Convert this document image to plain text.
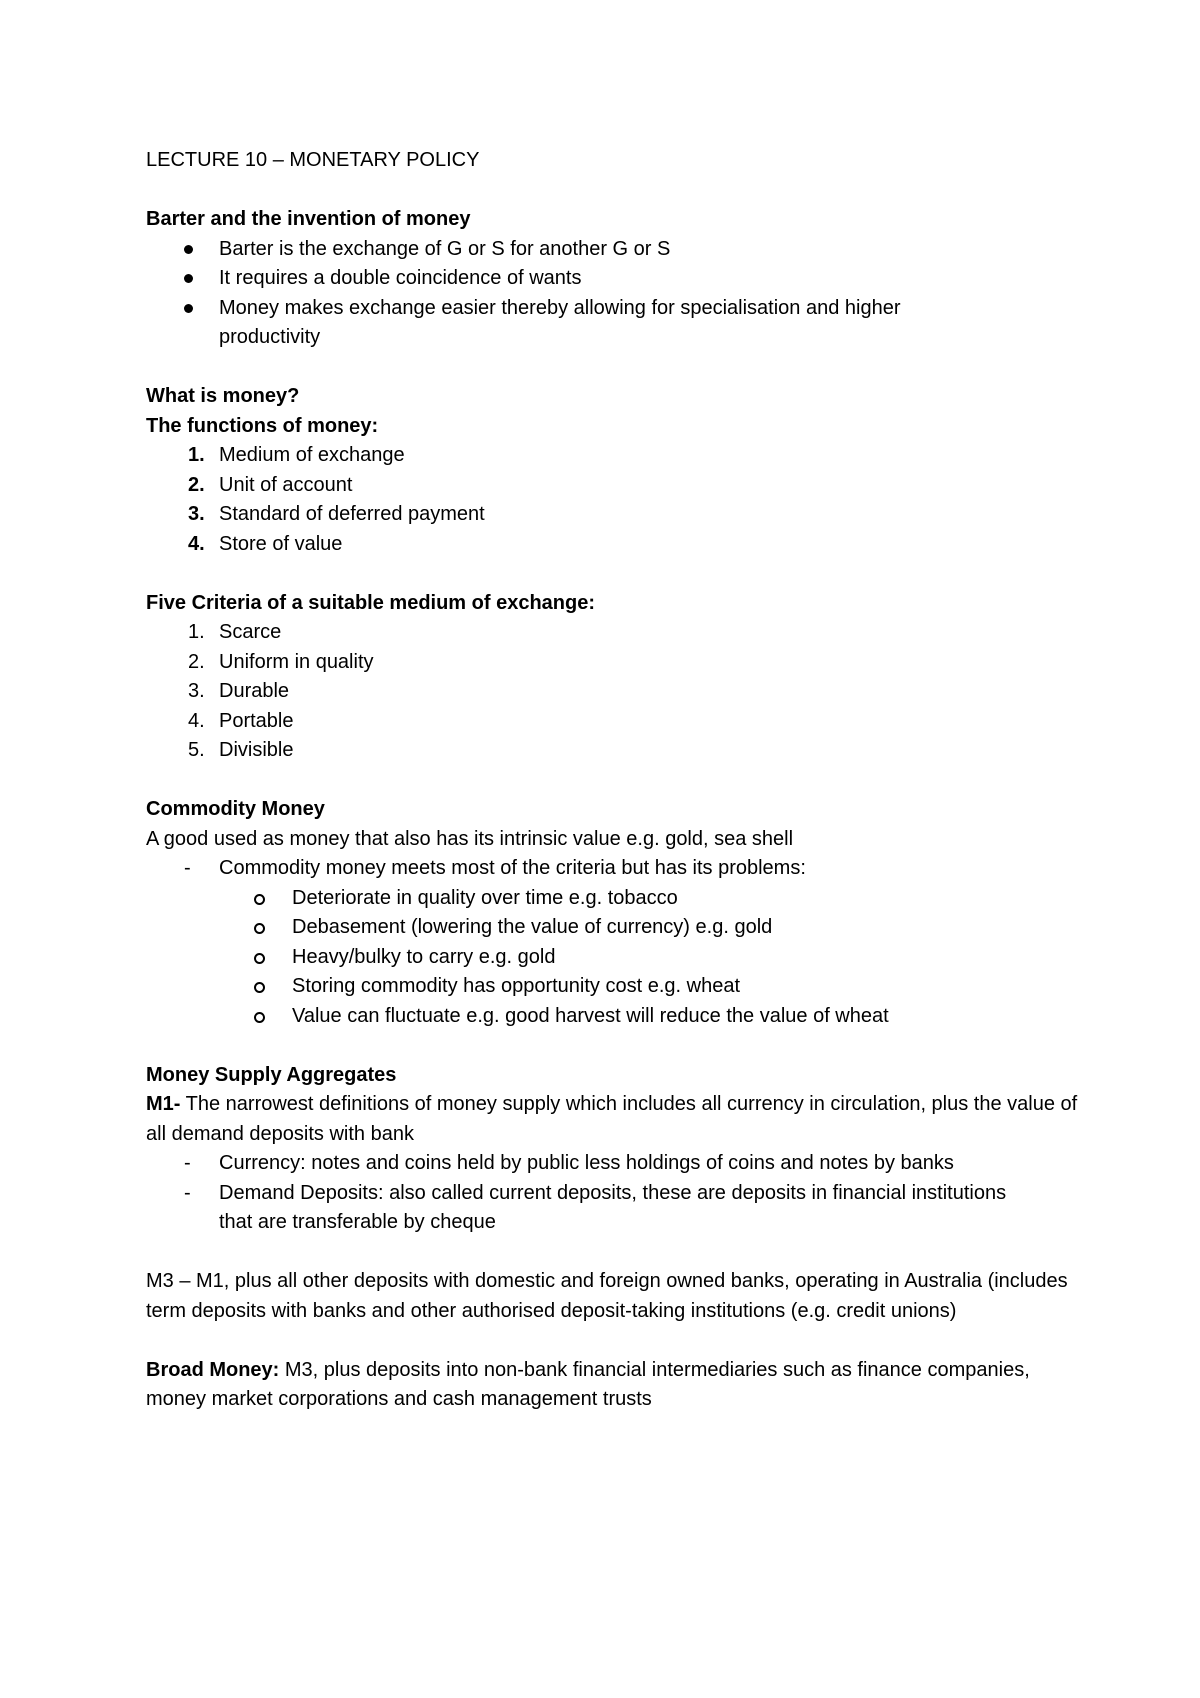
LECTURE 10 – MONETARY POLICY

Barter and the invention of money

Barter is the exchange of G or S for another G or S
It requires a double coincidence of wants
Money makes exchange easier thereby allowing for specialisation and higher productivity

What is money?

The functions of money:

1. Medium of exchange
2. Unit of account
3. Standard of deferred payment
4. Store of value

Five Criteria of a suitable medium of exchange:

1. Scarce
2. Uniform in quality
3. Durable
4. Portable
5. Divisible

Commodity Money

A good used as money that also has its intrinsic value e.g. gold, sea shell

- Commodity money meets most of the criteria but has its problems:
Deteriorate in quality over time e.g. tobacco
Debasement (lowering the value of currency) e.g. gold
Heavy/bulky to carry e.g. gold
Storing commodity has opportunity cost e.g. wheat
Value can fluctuate e.g. good harvest will reduce the value of wheat

Money Supply Aggregates

M1- The narrowest definitions of money supply which includes all currency in circulation, plus the value of all demand deposits with bank

- Currency: notes and coins held by public less holdings of coins and notes by banks
- Demand Deposits: also called current deposits, these are deposits in financial institutions that are transferable by cheque

M3 – M1, plus all other deposits with domestic and foreign owned banks, operating in Australia (includes term deposits with banks and other authorised deposit-taking institutions (e.g. credit unions)

Broad Money: M3, plus deposits into non-bank financial intermediaries such as finance companies, money market corporations and cash management trusts
